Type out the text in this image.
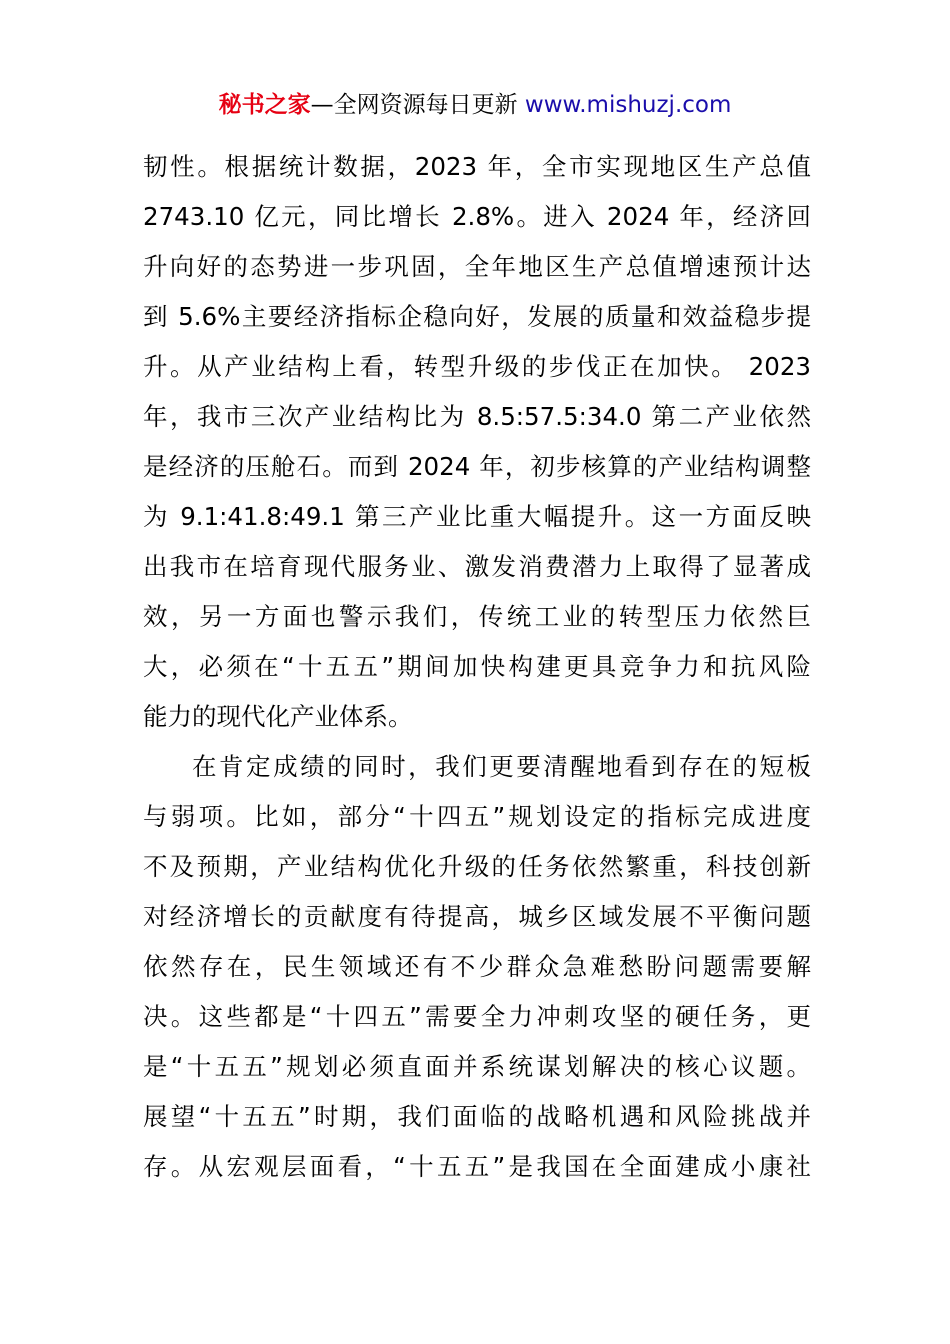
秘书之家—全网资源每日更新 www.mishuzj.com
韧性。根据统计数据，2023 年，全市实现地区生产总值
2743.10 亿元，同比增长 2.8%。进入 2024 年，经济回
升向好的态势进一步巩固，全年地区生产总值增速预计达
到 5.6%主要经济指标企稳向好，发展的质量和效益稳步提
升。从产业结构上看，转型升级的步伐正在加快。 2023
年，我市三次产业结构比为 8.5:57.5:34.0 第二产业依然
是经济的压舱石。而到 2024 年，初步核算的产业结构调整
为 9.1:41.8:49.1 第三产业比重大幅提升。这一方面反映
出我市在培育现代服务业、激发消费潜力上取得了显著成
效，另一方面也警示我们，传统工业的转型压力依然巨
大，必须在“十五五”期间加快构建更具竞争力和抗风险
能力的现代化产业体系。
在肯定成绩的同时，我们更要清醒地看到存在的短板
与弱项。比如，部分“十四五”规划设定的指标完成进度
不及预期，产业结构优化升级的任务依然繁重，科技创新
对经济增长的贡献度有待提高，城乡区域发展不平衡问题
依然存在，民生领域还有不少群众急难愁盼问题需要解
决。这些都是“十四五”需要全力冲刺攻坚的硬任务，更
是“十五五”规划必须直面并系统谋划解决的核心议题。
展望“十五五”时期，我们面临的战略机遇和风险挑战并
存。从宏观层面看，“十五五”是我国在全面建成小康社
